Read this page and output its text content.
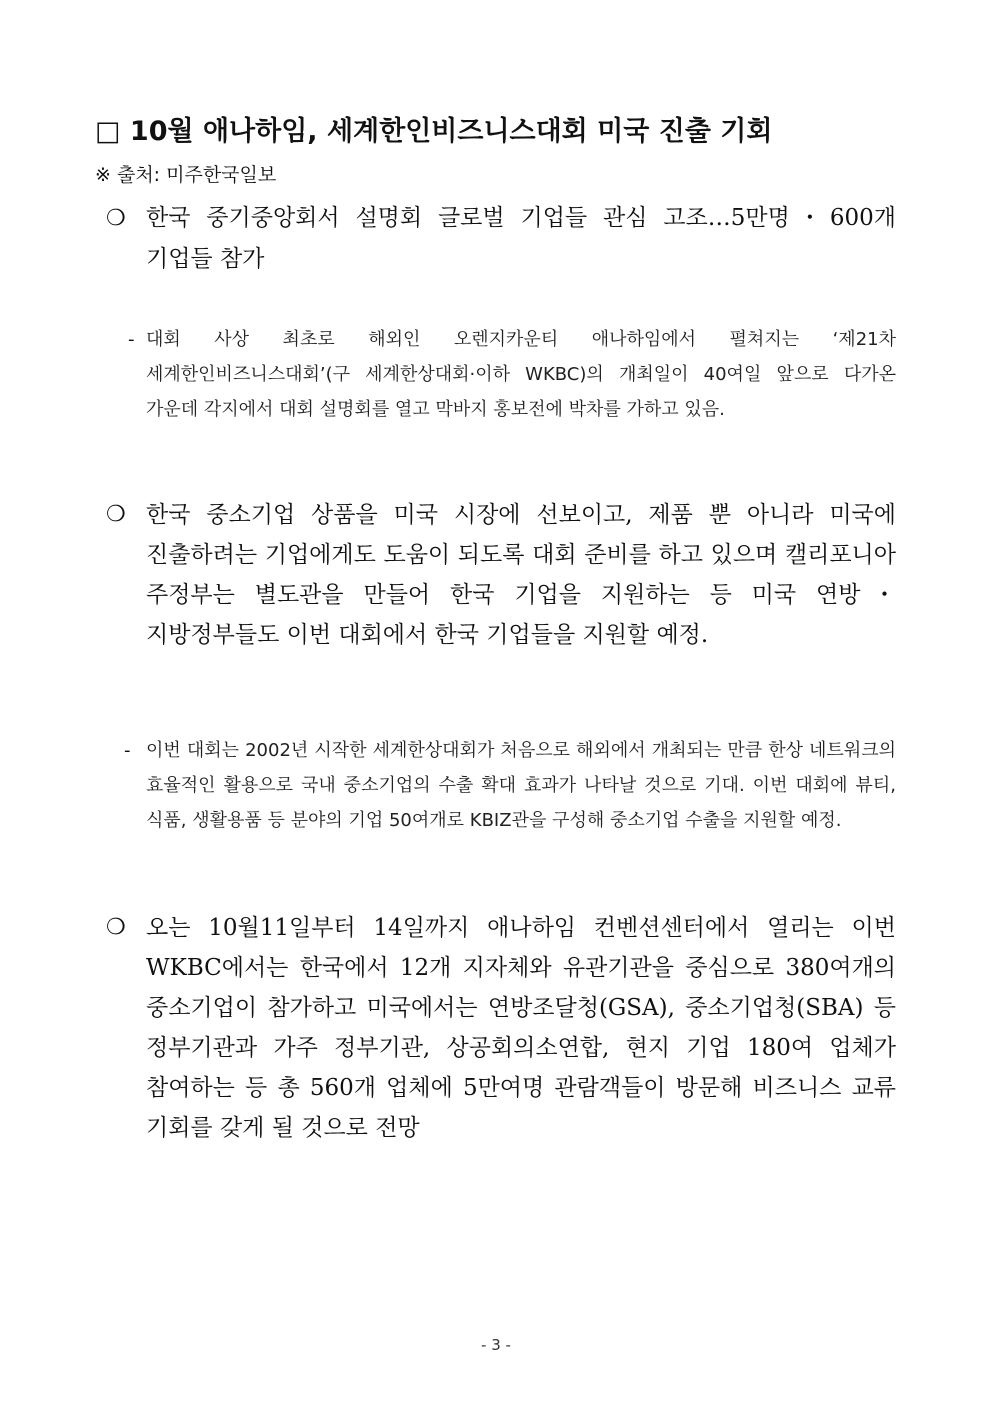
□ 10월 애나하임, 세계한인비즈니스대회 미국 진출 기회
※ 출처: 미주한국일보
❍ 한국 중기중앙회서 설명회 글로벌 기업들 관심 고조…5만명・600개 기업들 참가
- 대회 사상 최초로 해외인 오렌지카운티 애나하임에서 펼쳐지는 ‘제21차 세계한인비즈니스대회’(구 세계한상대회·이하 WKBC)의 개최일이 40여일 앞으로 다가온 가운데 각지에서 대회 설명회를 열고 막바지 홍보전에 박차를 가하고 있음.
❍ 한국 중소기업 상품을 미국 시장에 선보이고, 제품 뿐 아니라 미국에 진출하려는 기업에게도 도움이 되도록 대회 준비를 하고 있으며 캘리포니아 주정부는 별도관을 만들어 한국 기업을 지원하는 등 미국 연방・지방정부들도 이번 대회에서 한국 기업들을 지원할 예정.
- 이번 대회는 2002년 시작한 세계한상대회가 처음으로 해외에서 개최되는 만큼 한상 네트워크의 효율적인 활용으로 국내 중소기업의 수출 확대 효과가 나타날 것으로 기대. 이번 대회에 뷰티, 식품, 생활용품 등 분야의 기업 50여개로 KBIZ관을 구성해 중소기업 수출을 지원할 예정.
❍ 오는 10월11일부터 14일까지 애나하임 컨벤션센터에서 열리는 이번 WKBC에서는 한국에서 12개 지자체와 유관기관을 중심으로 380여개의 중소기업이 참가하고 미국에서는 연방조달청(GSA), 중소기업청(SBA) 등 정부기관과 가주 정부기관, 상공회의소연합, 현지 기업 180여 업체가 참여하는 등 총 560개 업체에 5만여명 관람객들이 방문해 비즈니스 교류 기회를 갖게 될 것으로 전망
- 3 -
